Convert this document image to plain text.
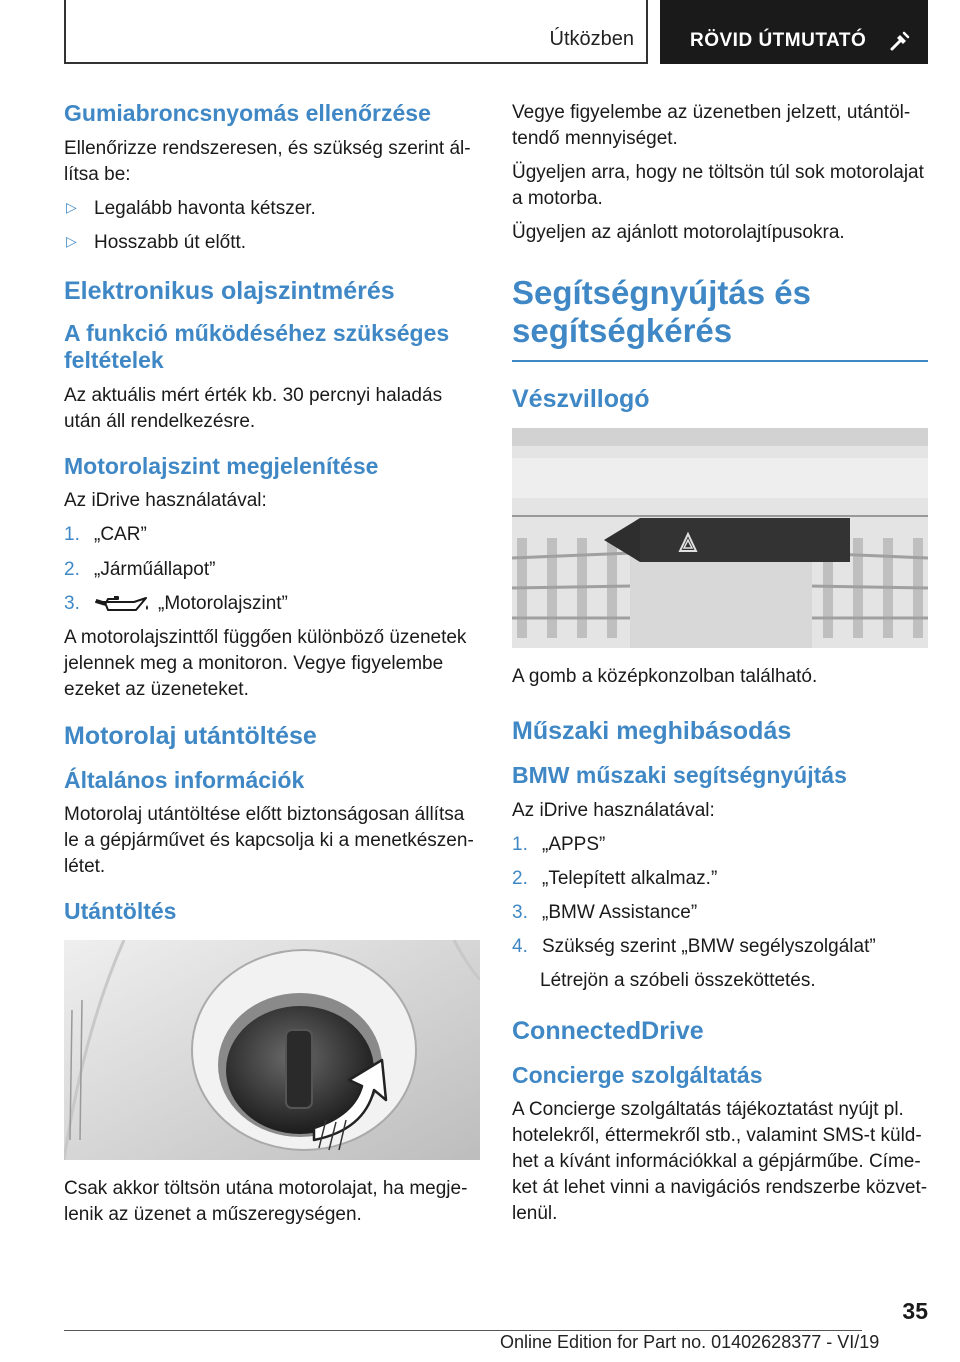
Útközben	RÖVID ÚTMUTATÓ
Gumiabroncsnyomás ellenőrzése

Ellenőrizze rendszeresen, és szükség szerint állítsa be:

▷ Legalább havonta kétszer.
▷ Hosszabb út előtt.
Elektronikus olajszintmérés
A funkció működéséhez szükséges feltételek

Az aktuális mért érték kb. 30 percnyi haladás után áll rendelkezésre.

Motorolajszint megjelenítése

Az iDrive használatával:

1. „CAR”
2. „Járműállapot”
3.	„Motorolajszint”

A motorolajszinttől függően különböző üzenetek jelennek meg a monitoron. Vegye figyelembe ezeket az üzeneteket.

Motorolaj utántöltése
Általános információk

Motorolaj utántöltése előtt biztonságosan állítsa le a gépjárművet és kapcsolja ki a menetkészenlétet.

Utántöltés

Csak akkor töltsön utána motorolajat, ha megjelenik az üzenet a műszeregységen.

Vegye figyelembe az üzenetben jelzett, utántöltendő mennyiséget.

Ügyeljen arra, hogy ne töltsön túl sok motorolajat a motorba.

Ügyeljen az ajánlott motorolajtípusokra.

Segítségnyújtás és segítségkérés
Vészvillogó

A gomb a középkonzolban található.

Műszaki meghibásodás
BMW műszaki segítségnyújtás

Az iDrive használatával:

1. „APPS”
2. „Telepített alkalmaz.”
3. „BMW Assistance”
4. Szükség szerint „BMW segélyszolgálat”

Létrejön a szóbeli összeköttetés.

ConnectedDrive
Concierge szolgáltatás

A Concierge szolgáltatás tájékoztatást nyújt pl. hotelekről, éttermekről stb., valamint SMS-t küldhet a kívánt információkkal a gépjárműbe. Címeket át lehet vinni a navigációs rendszerbe közvetlenül.

35
Online Edition for Part no. 01402628377 - VI/19
